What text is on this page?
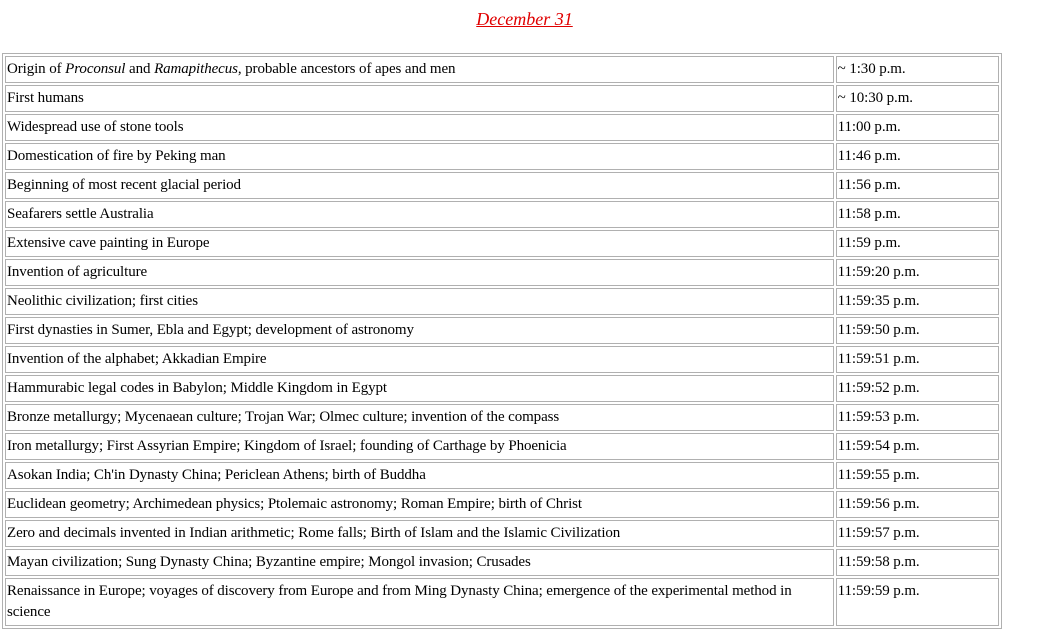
December 31
Origin of Proconsul and Ramapithecus, probable ancestors of apes and men	~ 1:30 p.m.
First humans	~ 10:30 p.m.
Widespread use of stone tools	11:00 p.m.
Domestication of fire by Peking man	11:46 p.m.
Beginning of most recent glacial period	11:56 p.m.
Seafarers settle Australia	11:58 p.m.
Extensive cave painting in Europe	11:59 p.m.
Invention of agriculture	11:59:20 p.m.
Neolithic civilization; first cities	11:59:35 p.m.
First dynasties in Sumer, Ebla and Egypt; development of astronomy	11:59:50 p.m.
Invention of the alphabet; Akkadian Empire	11:59:51 p.m.
Hammurabic legal codes in Babylon; Middle Kingdom in Egypt	11:59:52 p.m.
Bronze metallurgy; Mycenaean culture; Trojan War; Olmec culture; invention of the compass	11:59:53 p.m.
Iron metallurgy; First Assyrian Empire; Kingdom of Israel; founding of Carthage by Phoenicia	11:59:54 p.m.
Asokan India; Ch'in Dynasty China; Periclean Athens; birth of Buddha	11:59:55 p.m.
Euclidean geometry; Archimedean physics; Ptolemaic astronomy; Roman Empire; birth of Christ	11:59:56 p.m.
Zero and decimals invented in Indian arithmetic; Rome falls; Birth of Islam and the Islamic Civilization	11:59:57 p.m.
Mayan civilization; Sung Dynasty China; Byzantine empire; Mongol invasion; Crusades	11:59:58 p.m.
Renaissance in Europe; voyages of discovery from Europe and from Ming Dynasty China; emergence of the experimental method in science	11:59:59 p.m.
